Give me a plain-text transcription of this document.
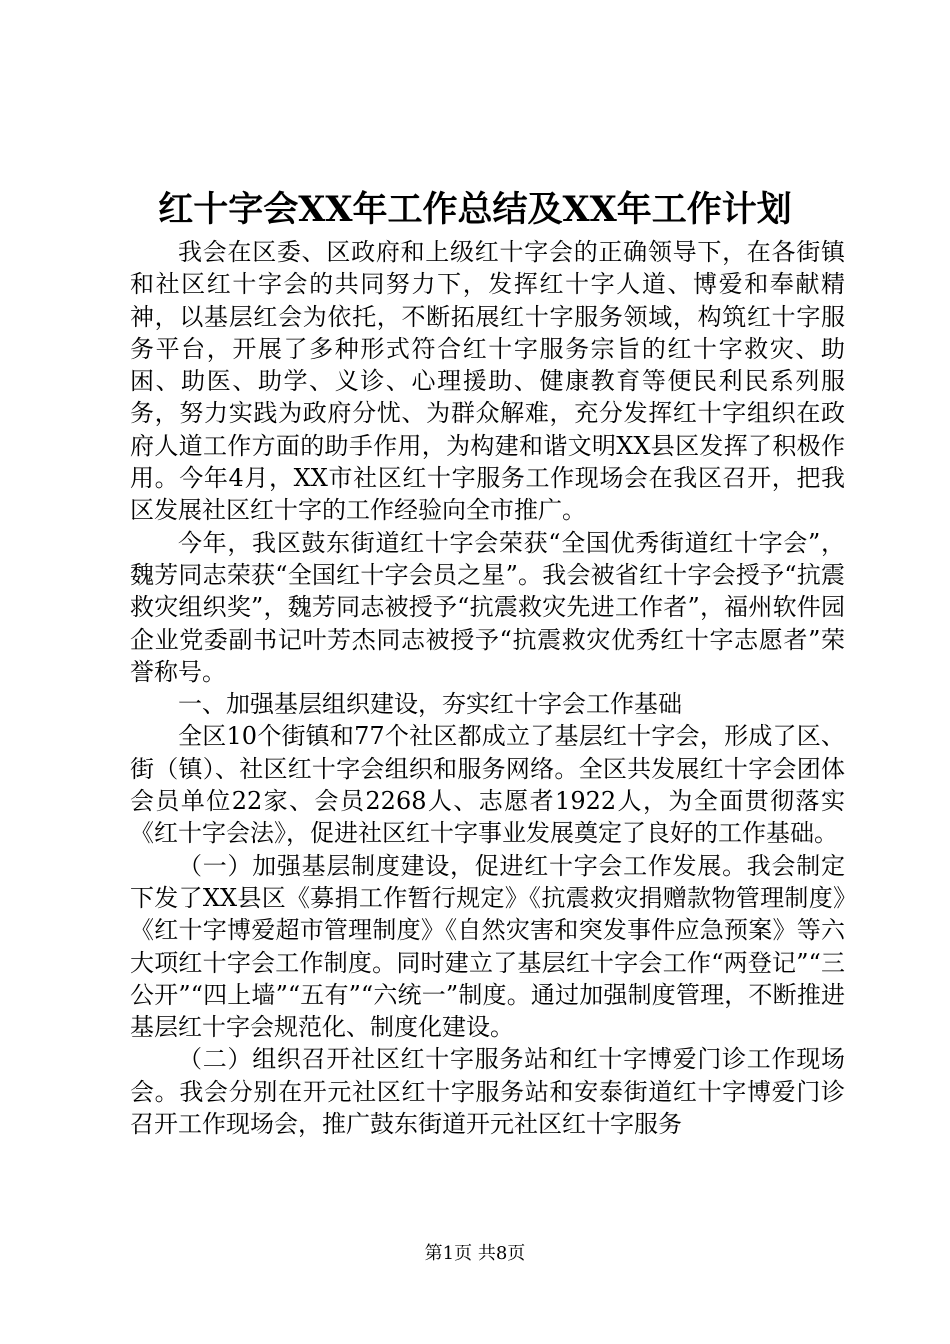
红十字会XX年工作总结及XX年工作计划

我会在区委、区政府和上级红十字会的正确领导下，在各街镇和社区红十字会的共同努力下，发挥红十字人道、博爱和奉献精神，以基层红会为依托，不断拓展红十字服务领域，构筑红十字服务平台，开展了多种形式符合红十字服务宗旨的红十字救灾、助困、助医、助学、义诊、心理援助、健康教育等便民利民系列服务，努力实践为政府分忧、为群众解难，充分发挥红十字组织在政府人道工作方面的助手作用，为构建和谐文明XX县区发挥了积极作用。今年4月，XX市社区红十字服务工作现场会在我区召开，把我区发展社区红十字的工作经验向全市推广。

今年，我区鼓东街道红十字会荣获“全国优秀街道红十字会”，魏芳同志荣获“全国红十字会员之星”。我会被省红十字会授予“抗震救灾组织奖”，魏芳同志被授予“抗震救灾先进工作者”，福州软件园企业党委副书记叶芳杰同志被授予“抗震救灾优秀红十字志愿者”荣誉称号。

一、加强基层组织建设，夯实红十字会工作基础

全区10个街镇和77个社区都成立了基层红十字会，形成了区、街（镇）、社区红十字会组织和服务网络。全区共发展红十字会团体会员单位22家、会员2268人、志愿者1922人，为全面贯彻落实《红十字会法》，促进社区红十字事业发展奠定了良好的工作基础。

（一）加强基层制度建设，促进红十字会工作发展。我会制定下发了XX县区《募捐工作暂行规定》《抗震救灾捐赠款物管理制度》《红十字博爱超市管理制度》《自然灾害和突发事件应急预案》等六大项红十字会工作制度。同时建立了基层红十字会工作“两登记”“三公开”“四上墙”“五有”“六统一”制度。通过加强制度管理，不断推进基层红十字会规范化、制度化建设。

（二）组织召开社区红十字服务站和红十字博爱门诊工作现场会。我会分别在开元社区红十字服务站和安泰街道红十字博爱门诊召开工作现场会，推广鼓东街道开元社区红十字服务

第1页 共8页
